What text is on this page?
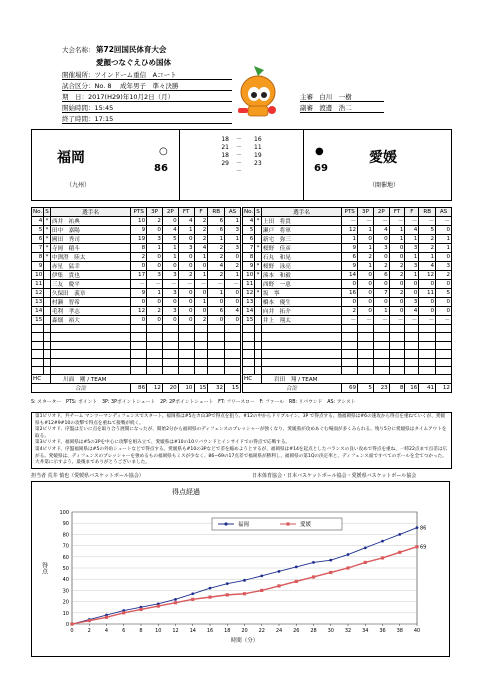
大会名称： 第72回国民体育大会
愛顔つなぐえひめ国体
開催場所：ツインドーム重信　Aコート
試合区分：No. 8　 成年男子　準々決勝
期　日：2017(H29)年10月2日（月）
開始時間：15:45
終了時間：17:15
主審 白川　一樹
副審 渡邊　浩二
福岡
（九州）
○
86
18 － 16
21 － 11
18 － 19
29 － 23
－
●
69
愛媛
（開催地）
No.	S	選手名	PTS	3P	2P	FT	F	RB	AS
4	*	西井　祐典	10	2	0	4	2	6	1
5	*	田中　嘉陽	9	0	4	1	2	6	3
6	*	國田　秀司	19	3	5	0	2	1	1
7	*	寺岡　稲斗	8	1	1	3	4	2	3
8	*	中渕澄　陸太	2	0	1	0	1	2	0
9		赤星　猛幸	0	0	0	0	0	4	2
10		伊集　貴也	17	3	3	2	1	2	1
11		三友　慶平	－	－	－	－	－	－	－
12		久保田　義章	9	1	3	0	0	1	0
13		村瀬　智希	0	0	0	0	1	0	0
14		毛利　孝志	12	2	3	0	0	6	4
15		森畑　裕大	0	0	0	0	2	0	0

HC		　　川面　剛 / TEAM							
合計			86	12	20	10	15	32	15
No.	S	選手名	PTS	3P	2P	FT	F	RB	AS
4	*	上田　将貴	－	－	－	－	－	－	－
5		瀬戸　将軍	12	1	4	1	4	5	0
6		新宅　弥三	1	0	0	1	1	2	1
7	*	桜野　佳彦	9	1	3	0	3	2	1
8		石丸　和晃	6	2	0	0	1	1	0
9	*	桜野　泳亮	9	1	2	2	3	4	3
10	*	湊本　和毅	14	0	6	2	1	12	2
11		西野　一恵	0	0	0	0	0	0	0
12	*	坂　寧	16	0	7	2	0	11	5
13		橋本　優生	0	0	0	0	3	0	0
14		向井　拓介	2	0	1	0	4	0	0
15		井上　翔太	－	－	－	－	－	－	－

HC		　　岩田　翔 / TEAM							
合計			69	5	23	8	16	41	12
S: スターター　PTS: ポイント　3P: 3Pポイントシュート　2P: 2Pポイントシュート　FT: フリースロー　F: ファール　RB: リバウンド　AS: アシスト

第1ピリオド、共チーム マンツーマンディフェンスでスタート。福岡県は#5左カ山3Pで得点を狙う。#12の中からドリブルイン、3P で得点する。他福岡県は#6の速攻から得点を重ねていくが、愛媛県も#12#9#10の攻撃で得点を重ねて接戦が続く。

第2ピリオド、序盤は互いに点を取り合う展開になったが、開始2分から福岡県のディフェンスのプレッシャーが強くなり、愛媛県が攻めあぐむ場面が多くみられる。残り5分に愛媛県はタイムアウトを取る。

第3ピリオド、福岡県は#5の3Pを中心に攻撃を組み立て、愛媛県は#10の10リバウンドとインサイドでの得点で応戦する。

第4ピリオド、序盤福岡県は#5の外角シュートなどで得点する。愛媛県も#10の3Pなどで差を縮めようとするが、福岡県は#14を起点としたバランスの良い攻めで得点を重ね、一時22点まで点差は広がる。愛媛県は、ディフェンスのプレッシャーを強めるもの福岡県もミスが少なく、86−69の17点差で福岡県が勝利し、福岡県の第1Qの決定率と、ディフェンス面ですべてのボールを全てつかった。大井第に示すよう、最後までありがとうございました。

担当者 荒井 慎也（愛媛県バスケットボール協会）	日本体育協会・日本バスケットボール協会・愛媛県バスケットボール協会
得点経過
0
10
20
30
40
50
60
70
80
90
100
0	2	4	6	8 10 12 14 16 18 20 22 24 26 28 30 32 34 36 38 40
時間（分）
得点
福岡	愛媛
86
69
